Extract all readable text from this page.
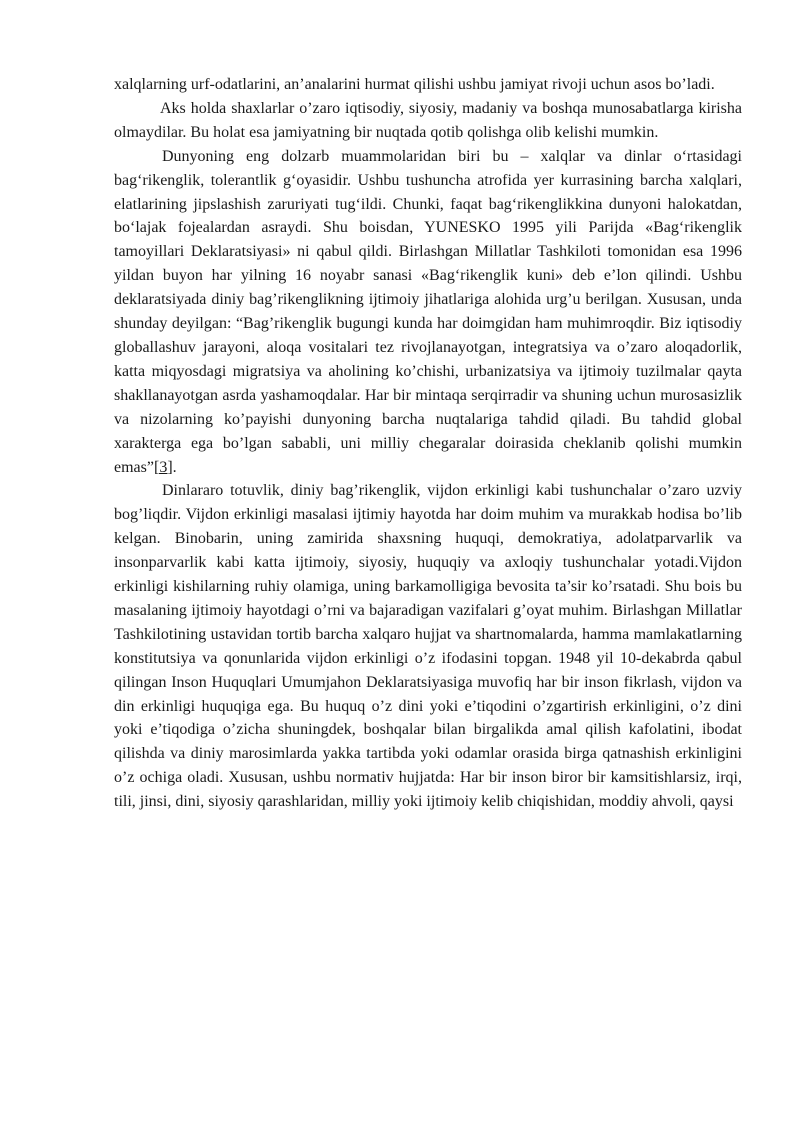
xalqlarning urf-odatlarini, an’analarini hurmat qilishi ushbu jamiyat rivoji uchun asos bo’ladi.

Aks holda shaxlarlar o’zaro iqtisodiy, siyosiy, madaniy va boshqa munosabatlarga kirisha olmaydilar. Bu holat esa jamiyatning bir nuqtada qotib qolishga olib kelishi mumkin.

Dunyoning eng dolzarb muammolaridan biri bu – xalqlar va dinlar o‘rtasidagi bag‘rikenglik, tolerantlik g‘oyasidir. Ushbu tushuncha atrofida yer kurrasining barcha xalqlari, elatlarining jipslashish zaruriyati tug‘ildi. Chunki, faqat bag‘rikenglikkina dunyoni halokatdan, bo‘lajak fojealardan asraydi. Shu boisdan, YUNESKO 1995 yili Parijda «Bag‘rikenglik tamoyillari Deklaratsiyasi» ni qabul qildi. Birlashgan Millatlar Tashkiloti tomonidan esa 1996 yildan buyon har yilning 16 noyabr sanasi «Bag‘rikenglik kuni» deb e’lon qilindi. Ushbu deklaratsiyada diniy bag’rikenglikning ijtimoiy jihatlariga alohida urg’u berilgan. Xususan, unda shunday deyilgan: “Bag’rikenglik bugungi kunda har doimgidan ham muhimroqdir. Biz iqtisodiy globallashuv jarayoni, aloqa vositalari tez rivojlanayotgan, integratsiya va o’zaro aloqadorlik, katta miqyosdagi migratsiya va aholining ko’chishi, urbanizatsiya va ijtimoiy tuzilmalar qayta shakllanayotgan asrda yashamoqdalar. Har bir mintaqa serqirradir va shuning uchun murosasizlik va nizolarning ko’payishi dunyoning barcha nuqtalariga tahdid qiladi. Bu tahdid global xarakterga ega bo’lgan sababli, uni milliy chegaralar doirasida cheklanib qolishi mumkin emas”[3].

Dinlararo totuvlik, diniy bag’rikenglik, vijdon erkinligi kabi tushunchalar o’zaro uzviy bog’liqdir. Vijdon erkinligi masalasi ijtimiy hayotda har doim muhim va murakkab hodisa bo’lib kelgan. Binobarin, uning zamirida shaxsning huquqi, demokratiya, adolatparvarlik va insonparvarlik kabi katta ijtimoiy, siyosiy, huquqiy va axloqiy tushunchalar yotadi.Vijdon erkinligi kishilarning ruhiy olamiga, uning barkamolligiga bevosita ta’sir ko’rsatadi. Shu bois bu masalaning ijtimoiy hayotdagi o’rni va bajaradigan vazifalari g’oyat muhim. Birlashgan Millatlar Tashkilotining ustavidan tortib barcha xalqaro hujjat va shartnomalarda, hamma mamlakatlarning konstitutsiya va qonunlarida vijdon erkinligi o’z ifodasini topgan. 1948 yil 10-dekabrda qabul qilingan Inson Huquqlari Umumjahon Deklaratsiyasiga muvofiq har bir inson fikrlash, vijdon va din erkinligi huquqiga ega. Bu huquq o’z dini yoki e’tiqodini o’zgartirish erkinligini, o’z dini yoki e’tiqodiga o’zicha shuningdek, boshqalar bilan birgalikda amal qilish kafolatini, ibodat qilishda va diniy marosimlarda yakka tartibda yoki odamlar orasida birga qatnashish erkinligini o’z ochiga oladi. Xususan, ushbu normativ hujjatda: Har bir inson biror bir kamsitishlarsiz, irqi, tili, jinsi, dini, siyosiy qarashlaridan, milliy yoki ijtimoiy kelib chiqishidan, moddiy ahvoli, qaysi
